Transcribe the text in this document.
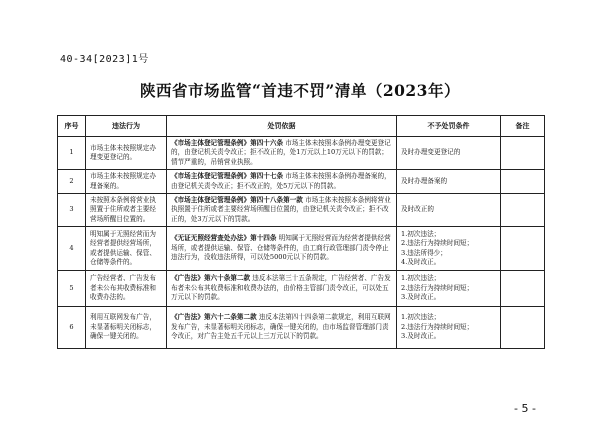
40-34[2023]1号
陕西省市场监管“首违不罚”清单（2023年）
序号	违法行为	处罚依据	不予处罚条件	备注
1	市场主体未按照规定办理变更登记的。	《市场主体登记管理条例》第四十六条 市场主体未按照本条例办理变更登记的，由登记机关责令改正；拒不改正的，处1万元以上10万元以下的罚款；情节严重的，吊销营业执照。	及时办理变更登记的	

2	市场主体未按照规定办理备案的。	《市场主体登记管理条例》第四十七条 市场主体未按照本条例办理备案的，由登记机关责令改正；拒不改正的，处5万元以下的罚款。	及时办理备案的	

3	未按照本条例将营业执照置于住所或者主要经营场所醒目位置的。	《市场主体登记管理条例》第四十八条第一款 市场主体未按照本条例将营业执照置于住所或者主要经营场所醒目位置的，由登记机关责令改正；拒不改正的，处3万元以下的罚款。	及时改正的	

4	明知属于无照经营而为经营者提供经营场所，或者提供运输、保管、仓储等条件的。	《无证无照经营查处办法》第十四条 明知属于无照经营而为经营者提供经营场所，或者提供运输、保管、仓储等条件的，由工商行政管理部门责令停止违法行为，没收违法所得，可以处5000元以下的罚款。	1.初次违法；
2.违法行为持续时间短；
3.违法所得少；
4.及时改正。	

5	广告经营者、广告发布者未公布其收费标准和收费办法的。	《广告法》第六十条第二款 违反本法第三十五条规定，广告经营者、广告发布者未公布其收费标准和收费办法的，由价格主管部门责令改正，可以处五万元以下的罚款。	1.初次违法；
2.违法行为持续时间短；
3.及时改正。	

6	利用互联网发布广告，未显著标明关闭标志，确保一键关闭的。	《广告法》第六十二条第二款 违反本法第四十四条第二款规定，利用互联网发布广告，未显著标明关闭标志，确保一键关闭的，由市场监督管理部门责令改正，对广告主处五千元以上三万元以下的罚款。	1.初次违法；
2.违法行为持续时间短；
3.及时改正。	

- 5 -
